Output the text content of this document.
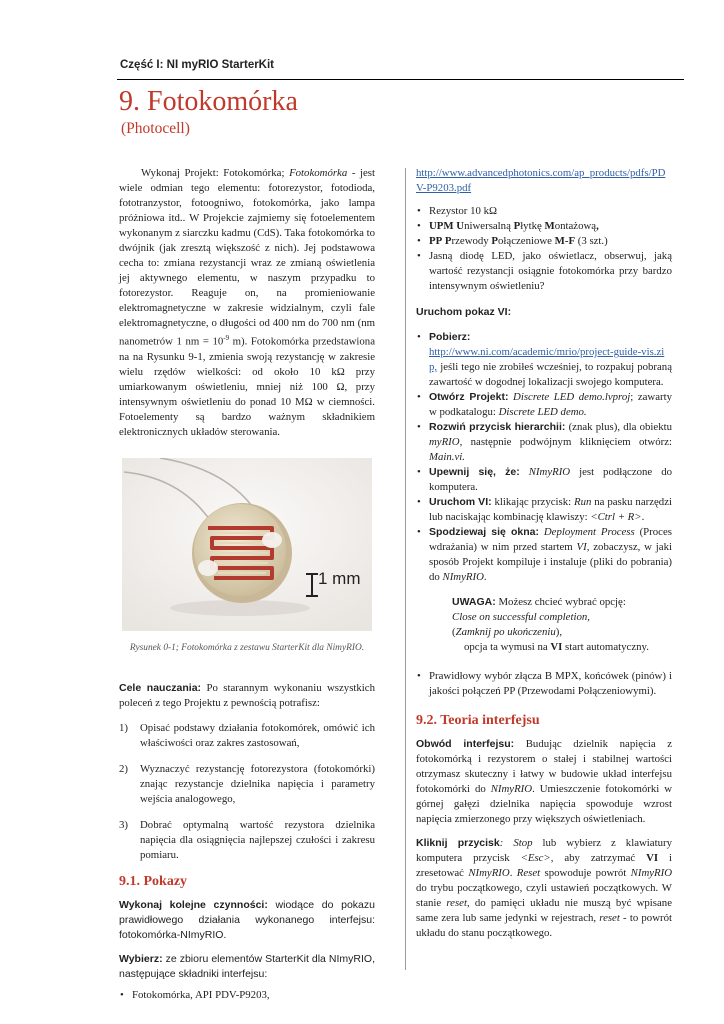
Część I: NI myRIO StarterKit
9. Fotokomórka
(Photocell)

Wykonaj Projekt: Fotokomórka; Fotokomórka - jest wiele odmian tego elementu: fotorezystor, fotodioda, fototranzystor, fotoogniwo, fotokomórka, jako lampa próżniowa itd.. W Projekcie zajmiemy się fotoelementem wykonanym z siarczku kadmu (CdS). Taka fotokomórka to dwójnik (jak zresztą większość z nich). Jej podstawowa cecha to: zmiana rezystancji wraz ze zmianą oświetlenia jej aktywnego elementu, w naszym przypadku to fotorezystor. Reaguje on, na promieniowanie elektromagnetyczne w zakresie widzialnym, czyli fale elektromagnetyczne, o długości od 400 nm do 700 nm (nm nanometrów 1 nm = $10^{-9}$ m). Fotokomórka przedstawiona na na Rysunku 9-1, zmienia swoją rezystancję w zakresie wielu rzędów wielkości: od około 10 kΩ przy umiarkowanym oświetleniu, mniej niż 100 Ω, przy intensywnym oświetleniu do ponad 10 MΩ w ciemności. Fotoelementy są bardzo ważnym składnikiem elektronicznych układów sterowania.

1 mm
Rysunek 0-1; Fotokomórka z zestawu StarterKit dla NimyRIO.

Cele nauczania: Po starannym wykonaniu wszystkich poleceń z tego Projektu z pewnością potrafisz:

1) Opisać podstawy działania fotokomórek, omówić ich właściwości oraz zakres zastosowań,
2) Wyznaczyć rezystancję fotorezystora (fotokomórki) znając rezystancje dzielnika napięcia i parametry wejścia analogowego,
3) Dobrać optymalną wartość rezystora dzielnika napięcia dla osiągnięcia najlepszej czułości i zakresu pomiaru.
9.1. Pokazy

Wykonaj kolejne czynności: wiodące do pokazu prawidłowego działania wykonanego interfejsu: fotokomórka-NImyRIO.

Wybierz: ze zbioru elementów StarterKit dla NImyRIO, następujące składniki interfejsu:

• Fotokomórka, API PDV-P9203,
http://www.advancedphotonics.com/ap_products/pdfs/PDV-P9203.pdf
• Rezystor 10 kΩ
• UPM Uniwersalną Płytkę Montażową,
• PP Przewody Połączeniowe M-F (3 szt.)
• Jasną diodę LED, jako oświetlacz, obserwuj, jaką wartość rezystancji osiągnie fotokomórka przy bardzo intensywnym oświetleniu?

Uruchom pokaz VI:

• Pobierz:
http://www.ni.com/academic/mrio/project-guide-vis.zip, jeśli tego nie zrobiłeś wcześniej, to rozpakuj pobraną zawartość w dogodnej lokalizacji swojego komputera.
• Otwórz Projekt: Discrete LED demo.lvproj; zawarty w podkatalogu: Discrete LED demo.
• Rozwiń przycisk hierarchii: (znak plus), dla obiektu myRIO, następnie podwójnym kliknięciem otwórz: Main.vi.
• Upewnij się, że: NImyRIO jest podłączone do komputera.
• Uruchom VI: klikając przycisk: Run na pasku narzędzi lub naciskając kombinację klawiszy: <Ctrl + R>.
• Spodziewaj się okna: Deployment Process (Proces wdrażania) w nim przed startem VI, zobaczysz, w jaki sposób Projekt kompiluje i instaluje (pliki do pobrania) do NImyRIO.
UWAGA: Możesz chcieć wybrać opcję:
Close on successful completion,
(Zamknij po ukończeniu),
opcja ta wymusi na VI start automatyczny.
• Prawidłowy wybór złącza B MPX, końcówek (pinów) i jakości połączeń PP (Przewodami Połączeniowymi).
9.2. Teoria interfejsu

Obwód interfejsu: Budując dzielnik napięcia z fotokomórką i rezystorem o stałej i stabilnej wartości otrzymasz skuteczny i łatwy w budowie układ interfejsu fotokomórki do NImyRIO. Umieszczenie fotokomórki w górnej gałęzi dzielnika napięcia spowoduje wzrost napięcia zmierzonego przy większych oświetleniach.

Kliknij przycisk: Stop lub wybierz z klawiatury komputera przycisk <Esc>, aby zatrzymać VI i zresetować NImyRIO. Reset spowoduje powrót NImyRIO do trybu początkowego, czyli ustawień początkowych. W stanie reset, do pamięci układu nie muszą być wpisane same zera lub same jedynki w rejestrach, reset - to powrót układu do stanu początkowego.
